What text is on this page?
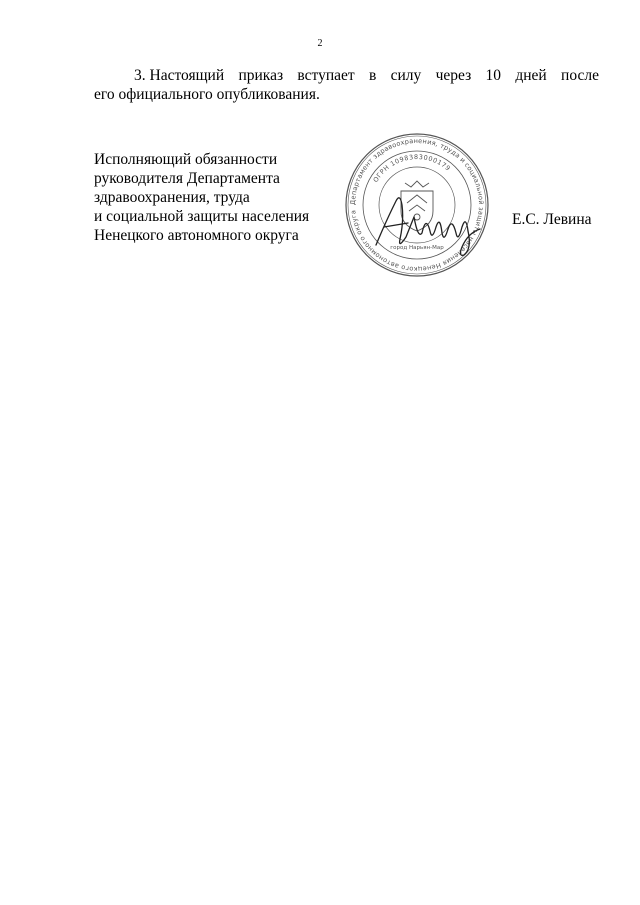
2
3. Настоящий приказ вступает в силу через 10 дней после
его официального опубликования.
Исполняющий обязанности
руководителя Департамента
здравоохранения, труда
и социальной защиты населения
Ненецкого автономного округа
Департамент здравоохранения, труда и социальной защиты населения Ненецкого автономного округа
ОГРН 1098383000179
город Нарьян-Мар
Е.С. Левина
